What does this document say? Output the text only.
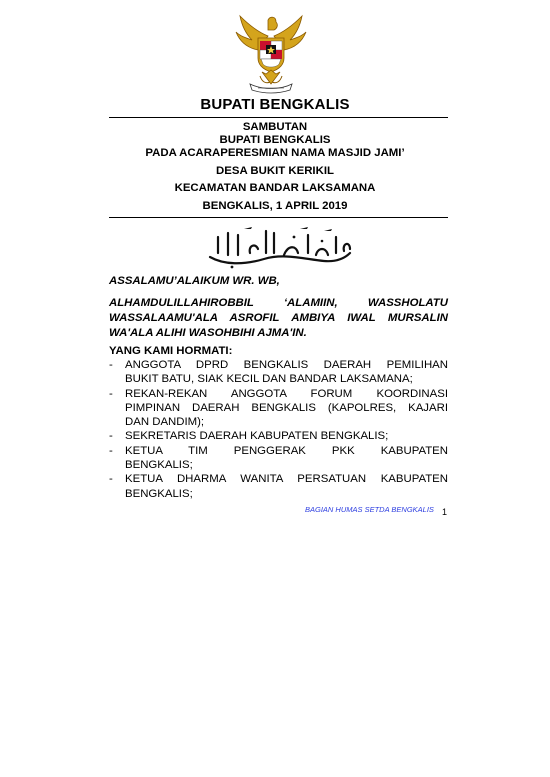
BUPATI BENGKALIS
SAMBUTAN
BUPATI BENGKALIS
PADA ACARAPERESMIAN NAMA MASJID JAMI’
DESA BUKIT KERIKIL
KECAMATAN BANDAR LAKSAMANA
BENGKALIS, 1 APRIL 2019
ASSALAMU’ALAIKUM WR. WB,
ALHAMDULILLAHIROBBIL ‘ALAMIIN, WASSHOLATU
WASSALAAMU'ALA ASROFIL AMBIYA IWAL MURSALIN
WA'ALA ALIHI WASOHBIHI AJMA'IN.
YANG KAMI HORMATI:
-	ANGGOTA DPRD BENGKALIS DAERAH PEMILIHAN
BUKIT BATU, SIAK KECIL DAN BANDAR LAKSAMANA;
-	REKAN-REKAN ANGGOTA FORUM KOORDINASI
PIMPINAN DAERAH BENGKALIS (KAPOLRES, KAJARI
DAN DANDIM);
-	SEKRETARIS DAERAH KABUPATEN BENGKALIS;
-	KETUA TIM PENGGERAK PKK KABUPATEN
BENGKALIS;
-	KETUA DHARMA WANITA PERSATUAN KABUPATEN
BENGKALIS;
BAGIAN HUMAS SETDA BENGKALIS 1
